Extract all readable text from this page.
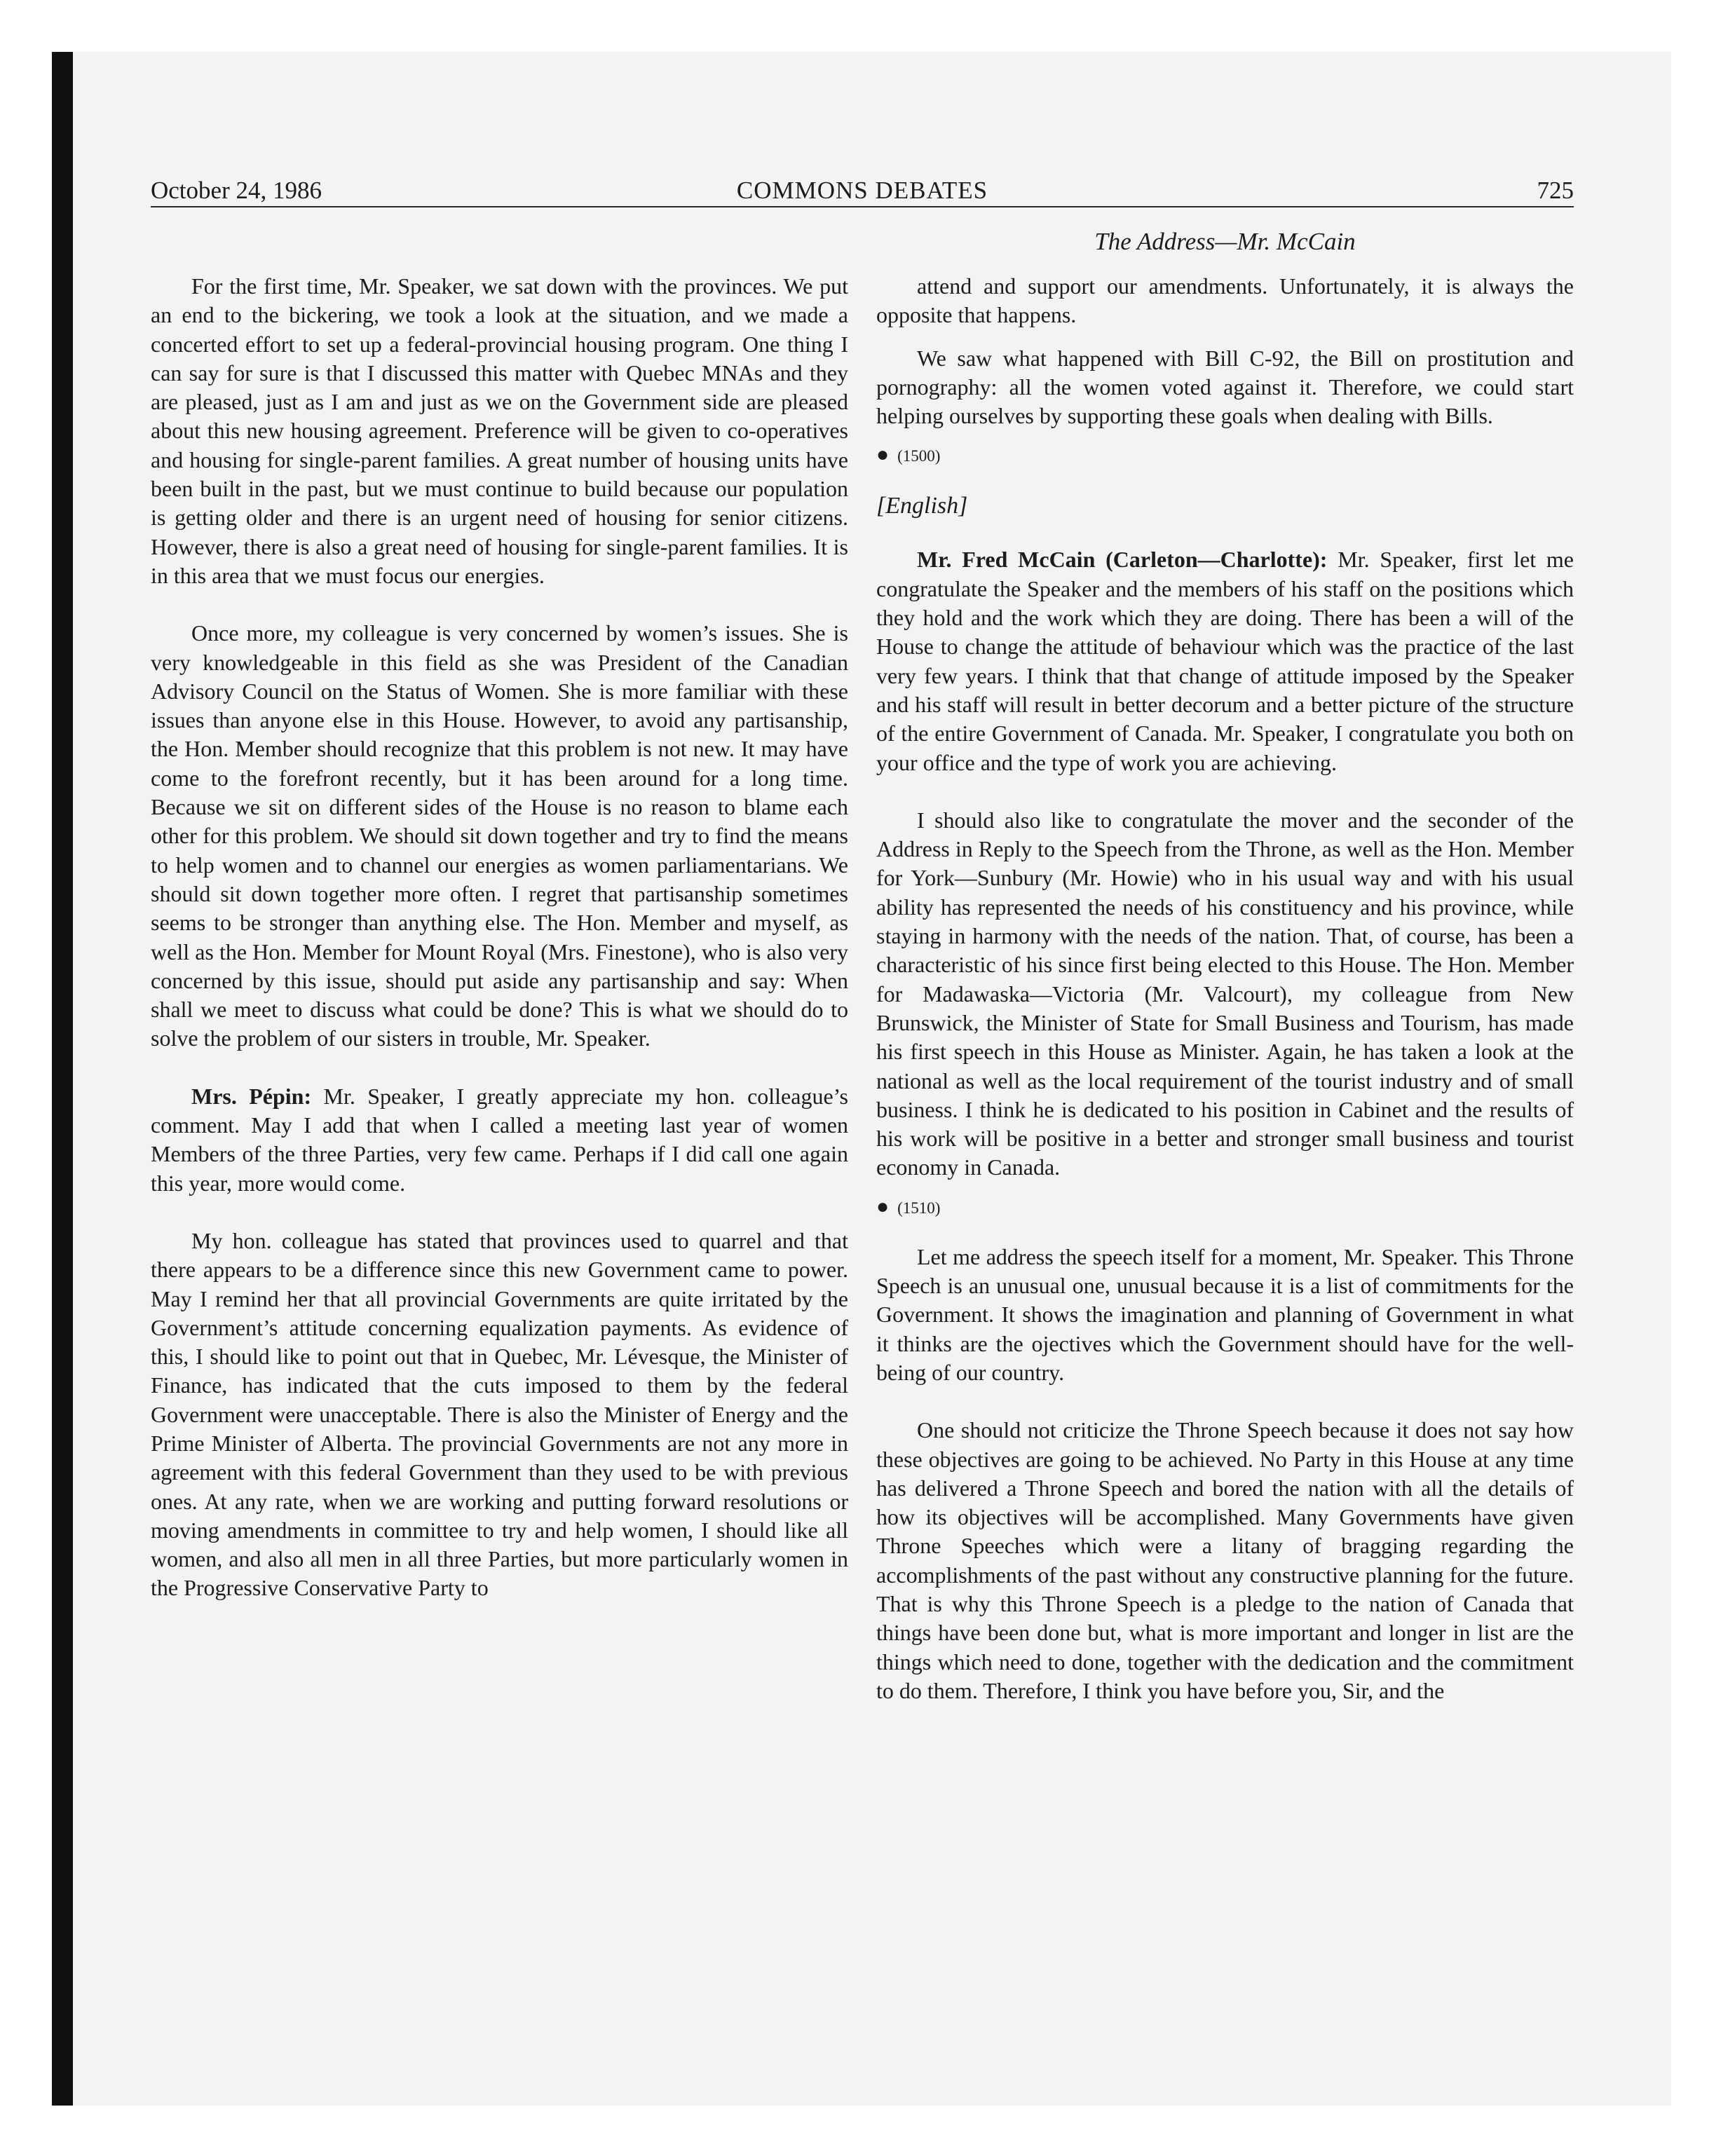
October 24, 1986	COMMONS DEBATES	725
The Address—Mr. McCain

For the first time, Mr. Speaker, we sat down with the provinces. We put an end to the bickering, we took a look at the situation, and we made a concerted effort to set up a federal-provincial housing program. One thing I can say for sure is that I discussed this matter with Quebec MNAs and they are pleased, just as I am and just as we on the Government side are pleased about this new housing agreement. Preference will be given to co-operatives and housing for single-parent families. A great number of housing units have been built in the past, but we must continue to build because our population is getting older and there is an urgent need of housing for senior citizens. However, there is also a great need of housing for single-parent families. It is in this area that we must focus our energies.

Once more, my colleague is very concerned by women’s issues. She is very knowledgeable in this field as she was President of the Canadian Advisory Council on the Status of Women. She is more familiar with these issues than anyone else in this House. However, to avoid any partisanship, the Hon. Member should recognize that this problem is not new. It may have come to the forefront recently, but it has been around for a long time. Because we sit on different sides of the House is no reason to blame each other for this problem. We should sit down together and try to find the means to help women and to channel our energies as women parliamentarians. We should sit down together more often. I regret that partisanship sometimes seems to be stronger than anything else. The Hon. Member and myself, as well as the Hon. Member for Mount Royal (Mrs. Finestone), who is also very concerned by this issue, should put aside any partisanship and say: When shall we meet to discuss what could be done? This is what we should do to solve the problem of our sisters in trouble, Mr. Speaker.

Mrs. Pépin: Mr. Speaker, I greatly appreciate my hon. colleague’s comment. May I add that when I called a meeting last year of women Members of the three Parties, very few came. Perhaps if I did call one again this year, more would come.

My hon. colleague has stated that provinces used to quarrel and that there appears to be a difference since this new Government came to power. May I remind her that all provincial Governments are quite irritated by the Government’s attitude concerning equalization payments. As evidence of this, I should like to point out that in Quebec, Mr. Lévesque, the Minister of Finance, has indicated that the cuts imposed to them by the federal Government were unacceptable. There is also the Minister of Energy and the Prime Minister of Alberta. The provincial Governments are not any more in agreement with this federal Government than they used to be with previous ones. At any rate, when we are working and putting forward resolutions or moving amendments in committee to try and help women, I should like all women, and also all men in all three Parties, but more particularly women in the Progressive Conservative Party to

attend and support our amendments. Unfortunately, it is always the opposite that happens.

We saw what happened with Bill C-92, the Bill on prostitution and pornography: all the women voted against it. Therefore, we could start helping ourselves by supporting these goals when dealing with Bills.

● (1500)
[English]

Mr. Fred McCain (Carleton—Charlotte): Mr. Speaker, first let me congratulate the Speaker and the members of his staff on the positions which they hold and the work which they are doing. There has been a will of the House to change the attitude of behaviour which was the practice of the last very few years. I think that that change of attitude imposed by the Speaker and his staff will result in better decorum and a better picture of the structure of the entire Government of Canada. Mr. Speaker, I congratulate you both on your office and the type of work you are achieving.

I should also like to congratulate the mover and the seconder of the Address in Reply to the Speech from the Throne, as well as the Hon. Member for York—Sunbury (Mr. Howie) who in his usual way and with his usual ability has represented the needs of his constituency and his province, while staying in harmony with the needs of the nation. That, of course, has been a characteristic of his since first being elected to this House. The Hon. Member for Madawaska—Victoria (Mr. Valcourt), my colleague from New Brunswick, the Minister of State for Small Business and Tourism, has made his first speech in this House as Minister. Again, he has taken a look at the national as well as the local requirement of the tourist industry and of small business. I think he is dedicated to his position in Cabinet and the results of his work will be positive in a better and stronger small business and tourist economy in Canada.

● (1510)

Let me address the speech itself for a moment, Mr. Speaker. This Throne Speech is an unusual one, unusual because it is a list of commitments for the Government. It shows the imagination and planning of Government in what it thinks are the ojectives which the Government should have for the well-being of our country.

One should not criticize the Throne Speech because it does not say how these objectives are going to be achieved. No Party in this House at any time has delivered a Throne Speech and bored the nation with all the details of how its objectives will be accomplished. Many Governments have given Throne Speeches which were a litany of bragging regarding the accomplishments of the past without any constructive planning for the future. That is why this Throne Speech is a pledge to the nation of Canada that things have been done but, what is more important and longer in list are the things which need to done, together with the dedication and the commitment to do them. Therefore, I think you have before you, Sir, and the
